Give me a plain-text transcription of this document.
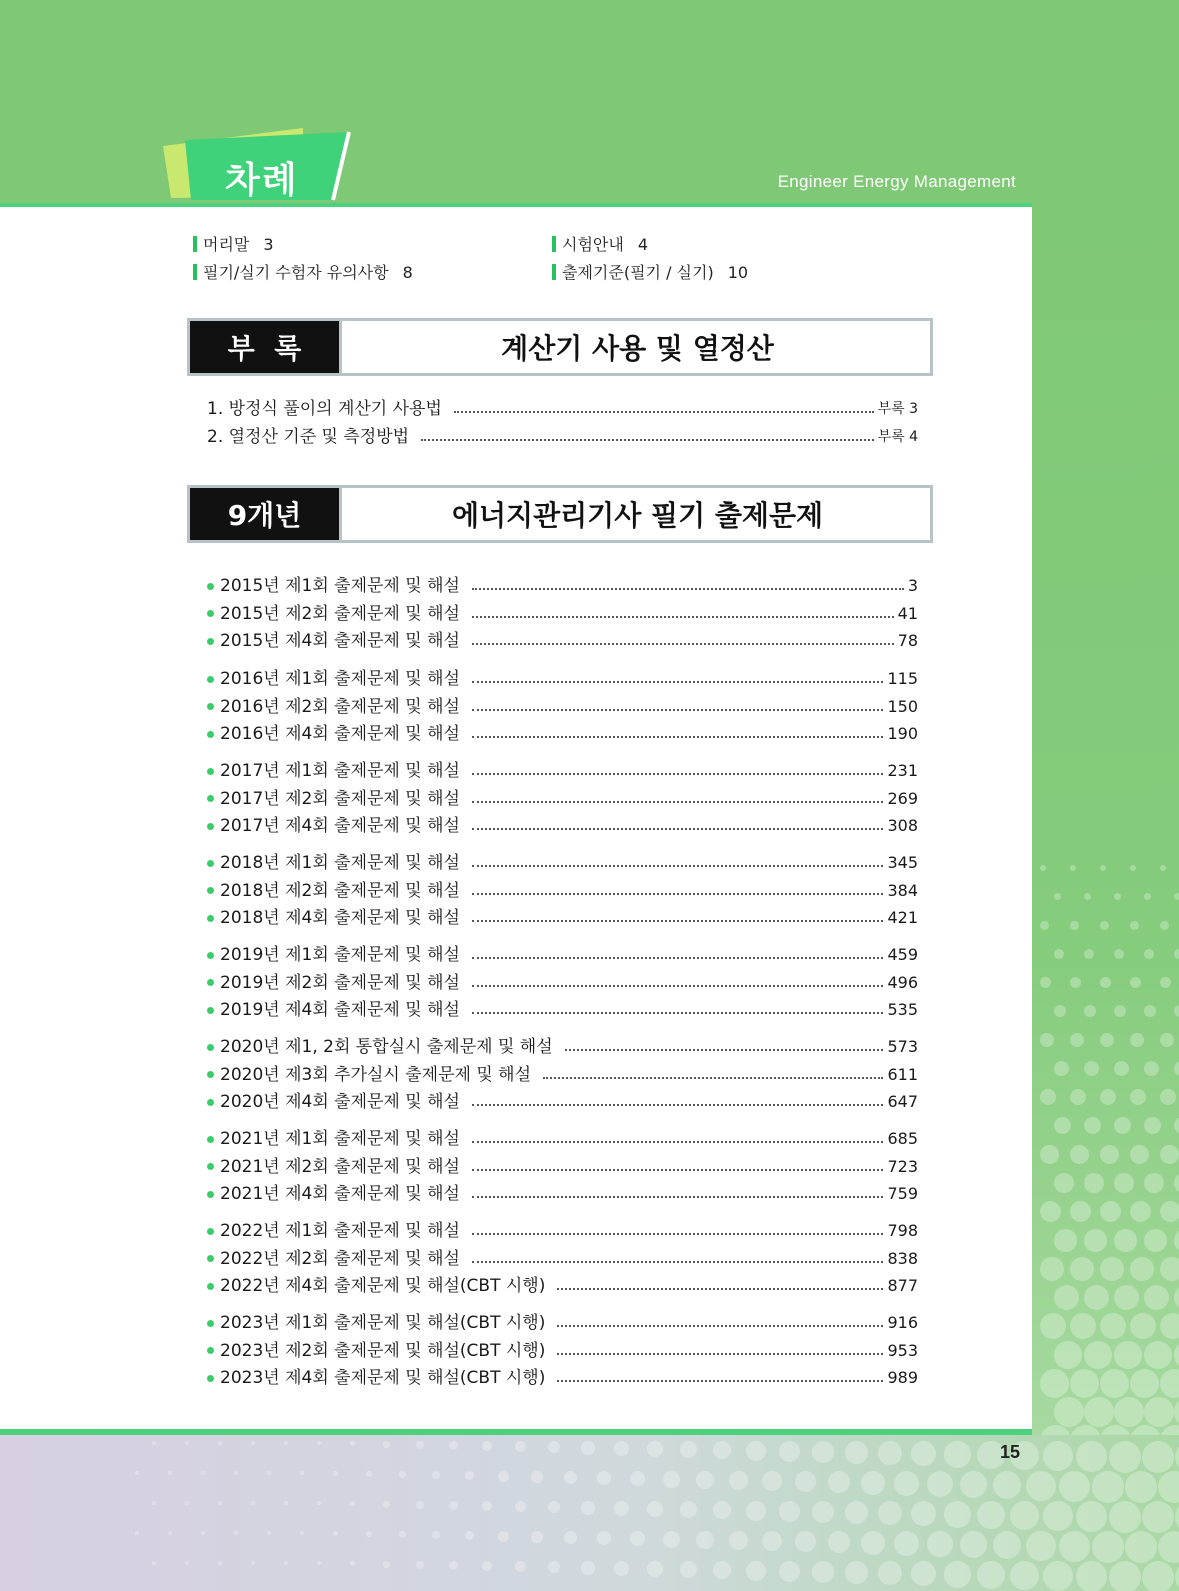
차례	Engineer Energy Management
머리말 3	시험안내 4
필기/실기 수험자 유의사항 8	출제기준(필기 / 실기) 10
부  록	계산기 사용 및 열정산
1. 방정식 풀이의 계산기 사용법	부록 3
2. 열정산 기준 및 측정방법	부록 4
9개년	에너지관리기사 필기 출제문제
2015년 제1회 출제문제 및 해설	3
2015년 제2회 출제문제 및 해설	41
2015년 제4회 출제문제 및 해설	78
2016년 제1회 출제문제 및 해설	115
2016년 제2회 출제문제 및 해설	150
2016년 제4회 출제문제 및 해설	190
2017년 제1회 출제문제 및 해설	231
2017년 제2회 출제문제 및 해설	269
2017년 제4회 출제문제 및 해설	308
2018년 제1회 출제문제 및 해설	345
2018년 제2회 출제문제 및 해설	384
2018년 제4회 출제문제 및 해설	421
2019년 제1회 출제문제 및 해설	459
2019년 제2회 출제문제 및 해설	496
2019년 제4회 출제문제 및 해설	535
2020년 제1, 2회 통합실시 출제문제 및 해설	573
2020년 제3회 추가실시 출제문제 및 해설	611
2020년 제4회 출제문제 및 해설	647
2021년 제1회 출제문제 및 해설	685
2021년 제2회 출제문제 및 해설	723
2021년 제4회 출제문제 및 해설	759
2022년 제1회 출제문제 및 해설	798
2022년 제2회 출제문제 및 해설	838
2022년 제4회 출제문제 및 해설(CBT 시행)	877
2023년 제1회 출제문제 및 해설(CBT 시행)	916
2023년 제2회 출제문제 및 해설(CBT 시행)	953
2023년 제4회 출제문제 및 해설(CBT 시행)	989
15
